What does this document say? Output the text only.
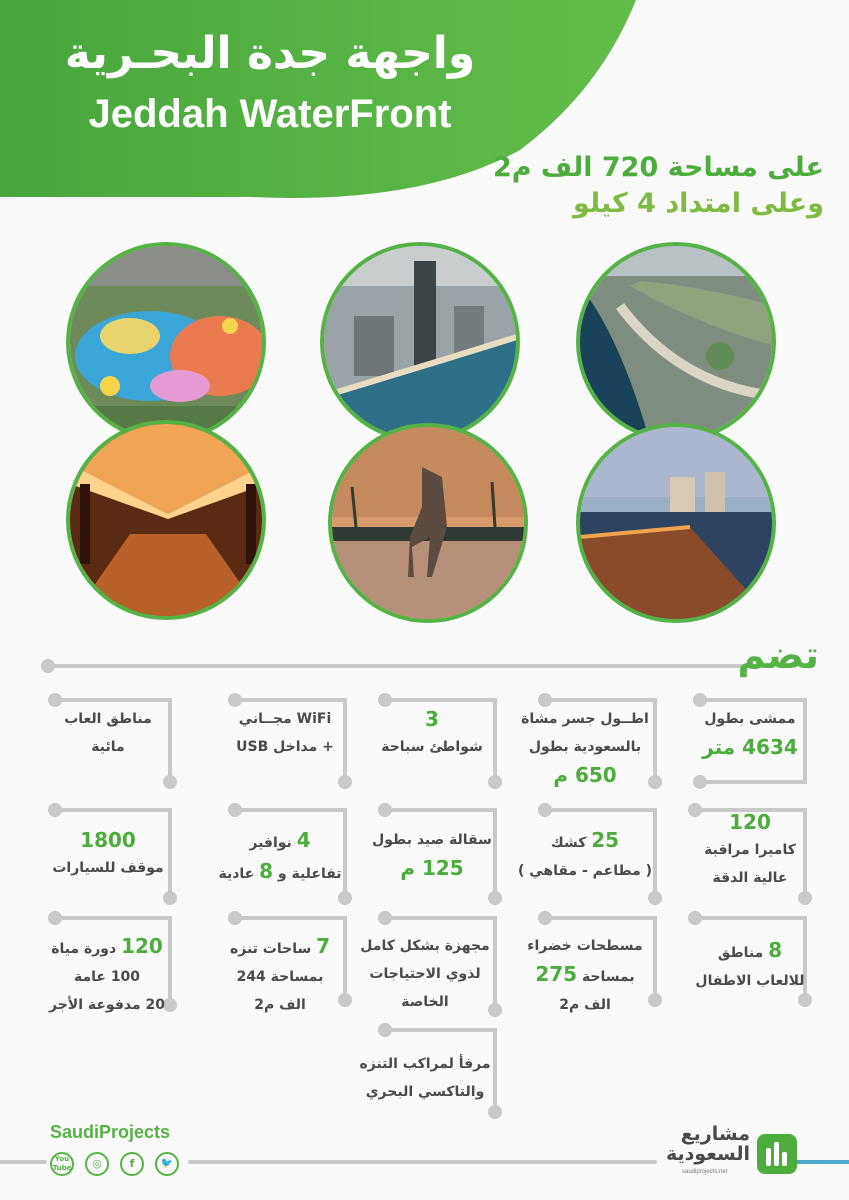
واجهة جدة البحـرية
Jeddah WaterFront
على مساحة 720 الف م2
وعلى امتداد 4 كيلو
تضم
ممشى بطول
4634 متر
اطــول جسر مشاة
بالسعودية بطول
650 م
3
شواطئ سباحة
WiFi مجــاني
+ مداخل USB
مناطق العاب
مائية
120
كاميرا مراقبة
عالية الدقة
25 كشك
( مطاعم - مقاهي )
سقالة صيد بطول
125 م
4 نوافير
تفاعلية و 8 عادية
1800
موقف للسيارات
8 مناطق
للالعاب الاطفال
مسطحات خضراء
بمساحة 275
الف م2
مجهزة بشكل كامل
لذوي الاحتياجات
الخاصة
7 ساحات تنزه
بمساحة 244
الف م2
120 دورة مياة
100 عامة
20 مدفوعة الأجر
مرفأ لمراكب التنزه
والتاكسي البحري
SaudiProjects
You Tube	◎	f	🐦
مشاريع
السعودية
saudiprojects.net
